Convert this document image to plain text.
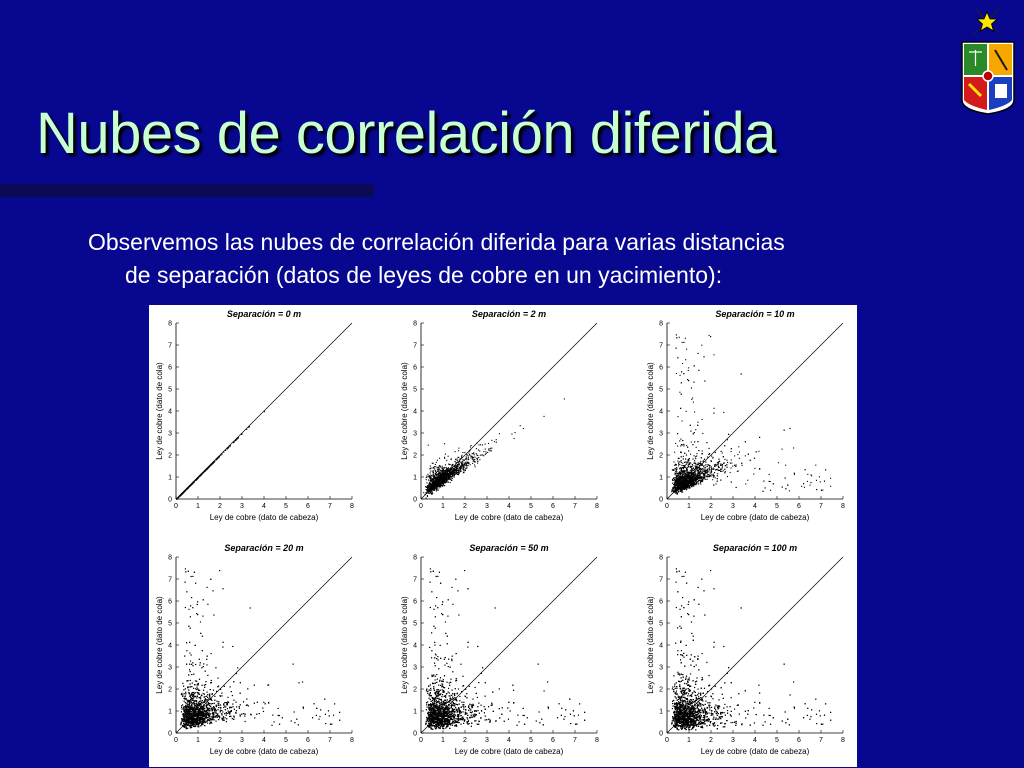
Nubes de correlación diferida

Observemos las nubes de correlación diferida para varias distancias
de separación (datos de leyes de cobre en un yacimiento):

0	1	2	3	4	5	6	7	8
0
1
2
3
4
5
6
7
8
Separación = 0 m
Ley de cobre (dato de cabeza)
Ley de cobre (dato de cola)
0	1	2	3	4	5	6	7	8
0
1
2
3
4
5
6
7
8
Separación = 2 m
Ley de cobre (dato de cabeza)
Ley de cobre (dato de cola)
0	1	2	3	4	5	6	7	8
0
1
2
3
4
5
6
7
8
Separación = 10 m
Ley de cobre (dato de cabeza)
Ley de cobre (dato de cola)
0	1	2	3	4	5	6	7	8
0
1
2
3
4
5
6
7
8
Separación = 20 m
Ley de cobre (dato de cabeza)
Ley de cobre (dato de cola)
0	1	2	3	4	5	6	7	8
0
1
2
3
4
5
6
7
8
Separación = 50 m
Ley de cobre (dato de cabeza)
Ley de cobre (dato de cola)
0	1	2	3	4	5	6	7	8
0
1
2
3
4
5
6
7
8
Separación = 100 m
Ley de cobre (dato de cabeza)
Ley de cobre (dato de cola)
